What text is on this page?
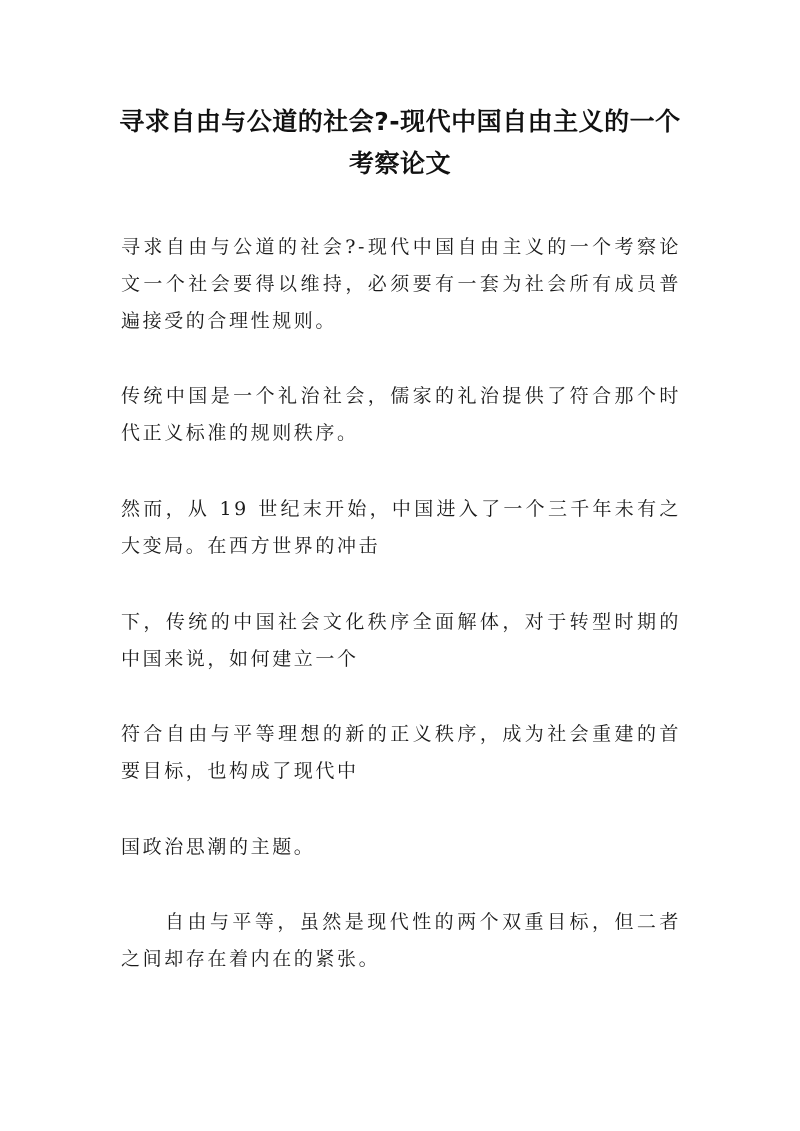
寻求自由与公道的社会?-现代中国自由主义的一个考察论文

寻求自由与公道的社会?-现代中国自由主义的一个考察论文一个社会要得以维持，必须要有一套为社会所有成员普遍接受的合理性规则。

传统中国是一个礼治社会，儒家的礼治提供了符合那个时代正义标准的规则秩序。

然而，从 19 世纪末开始，中国进入了一个三千年未有之大变局。在西方世界的冲击

下，传统的中国社会文化秩序全面解体，对于转型时期的中国来说，如何建立一个

符合自由与平等理想的新的正义秩序，成为社会重建的首要目标，也构成了现代中

国政治思潮的主题。

自由与平等，虽然是现代性的两个双重目标，但二者之间却存在着内在的紧张。
